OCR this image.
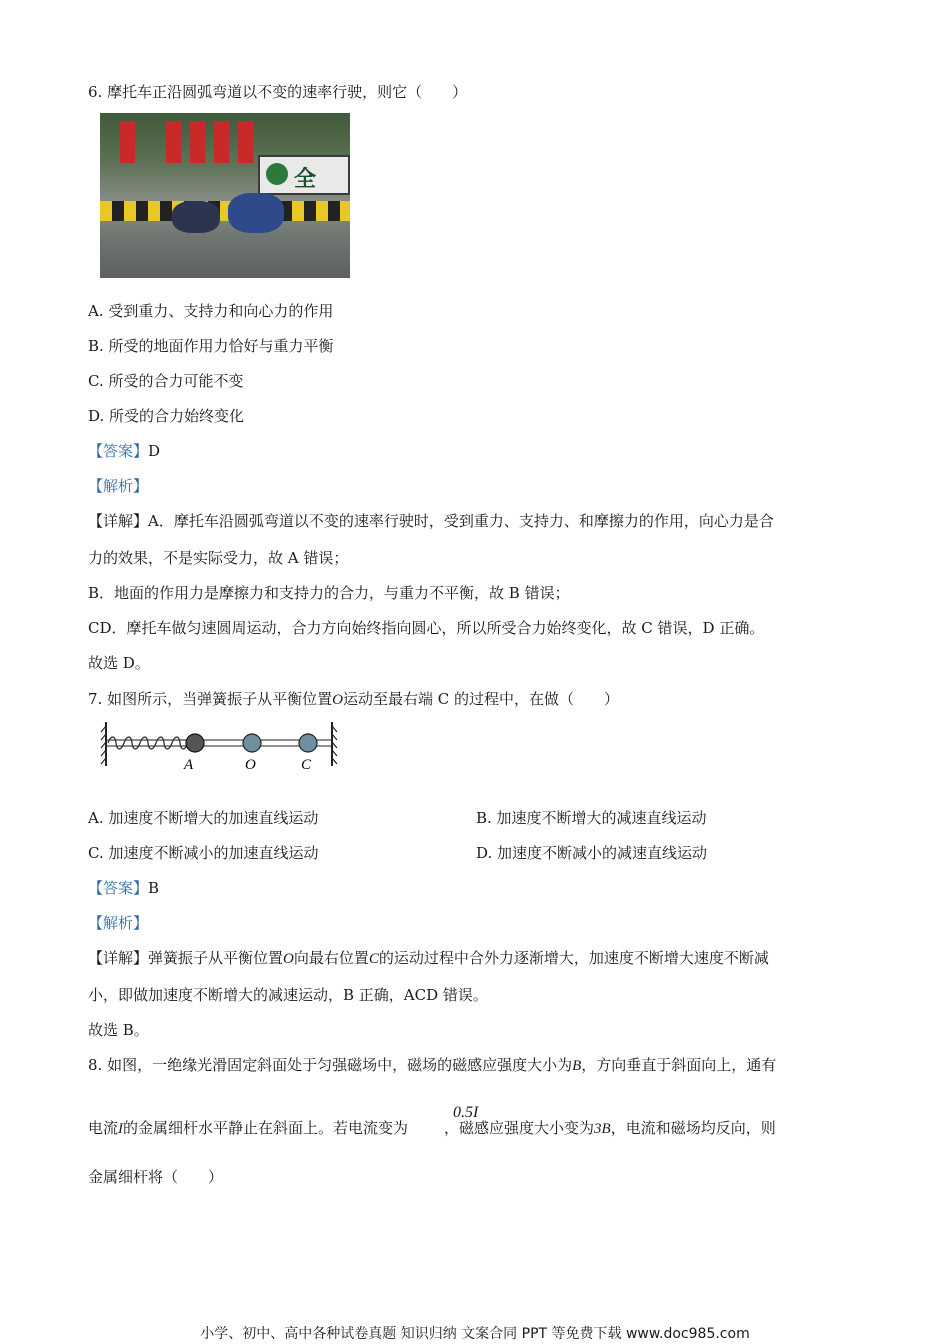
6. 摩托车正沿圆弧弯道以不变的速率行驶，则它（　　）
全
A. 受到重力、支持力和向心力的作用
B. 所受的地面作用力恰好与重力平衡
C. 所受的合力可能不变
D. 所受的合力始终变化
【答案】D
【解析】
【详解】A．摩托车沿圆弧弯道以不变的速率行驶时，受到重力、支持力、和摩擦力的作用，向心力是合
力的效果，不是实际受力，故 A 错误；
B．地面的作用力是摩擦力和支持力的合力，与重力不平衡，故 B 错误；
CD．摩托车做匀速圆周运动，合力方向始终指向圆心，所以所受合力始终变化，故 C 错误，D 正确。
故选 D。
7. 如图所示，当弹簧振子从平衡位置O运动至最右端 C 的过程中，在做（　　）
A	O	C
A. 加速度不断增大的加速直线运动	B. 加速度不断增大的减速直线运动
C. 加速度不断减小的加速直线运动	D. 加速度不断减小的减速直线运动
【答案】B
【解析】
【详解】弹簧振子从平衡位置O向最右位置C的运动过程中合外力逐渐增大，加速度不断增大速度不断减
小，即做加速度不断增大的减速运动，B 正确，ACD 错误。
故选 B。
8. 如图，一绝缘光滑固定斜面处于匀强磁场中，磁场的磁感应强度大小为B，方向垂直于斜面向上，通有
0.5I
电流I的金属细杆水平静止在斜面上。若电流变为 ，磁感应强度大小变为3B，电流和磁场均反向，则
金属细杆将（　　）
小学、初中、高中各种试卷真题 知识归纳 文案合同 PPT 等免费下载 www.doc985.com
